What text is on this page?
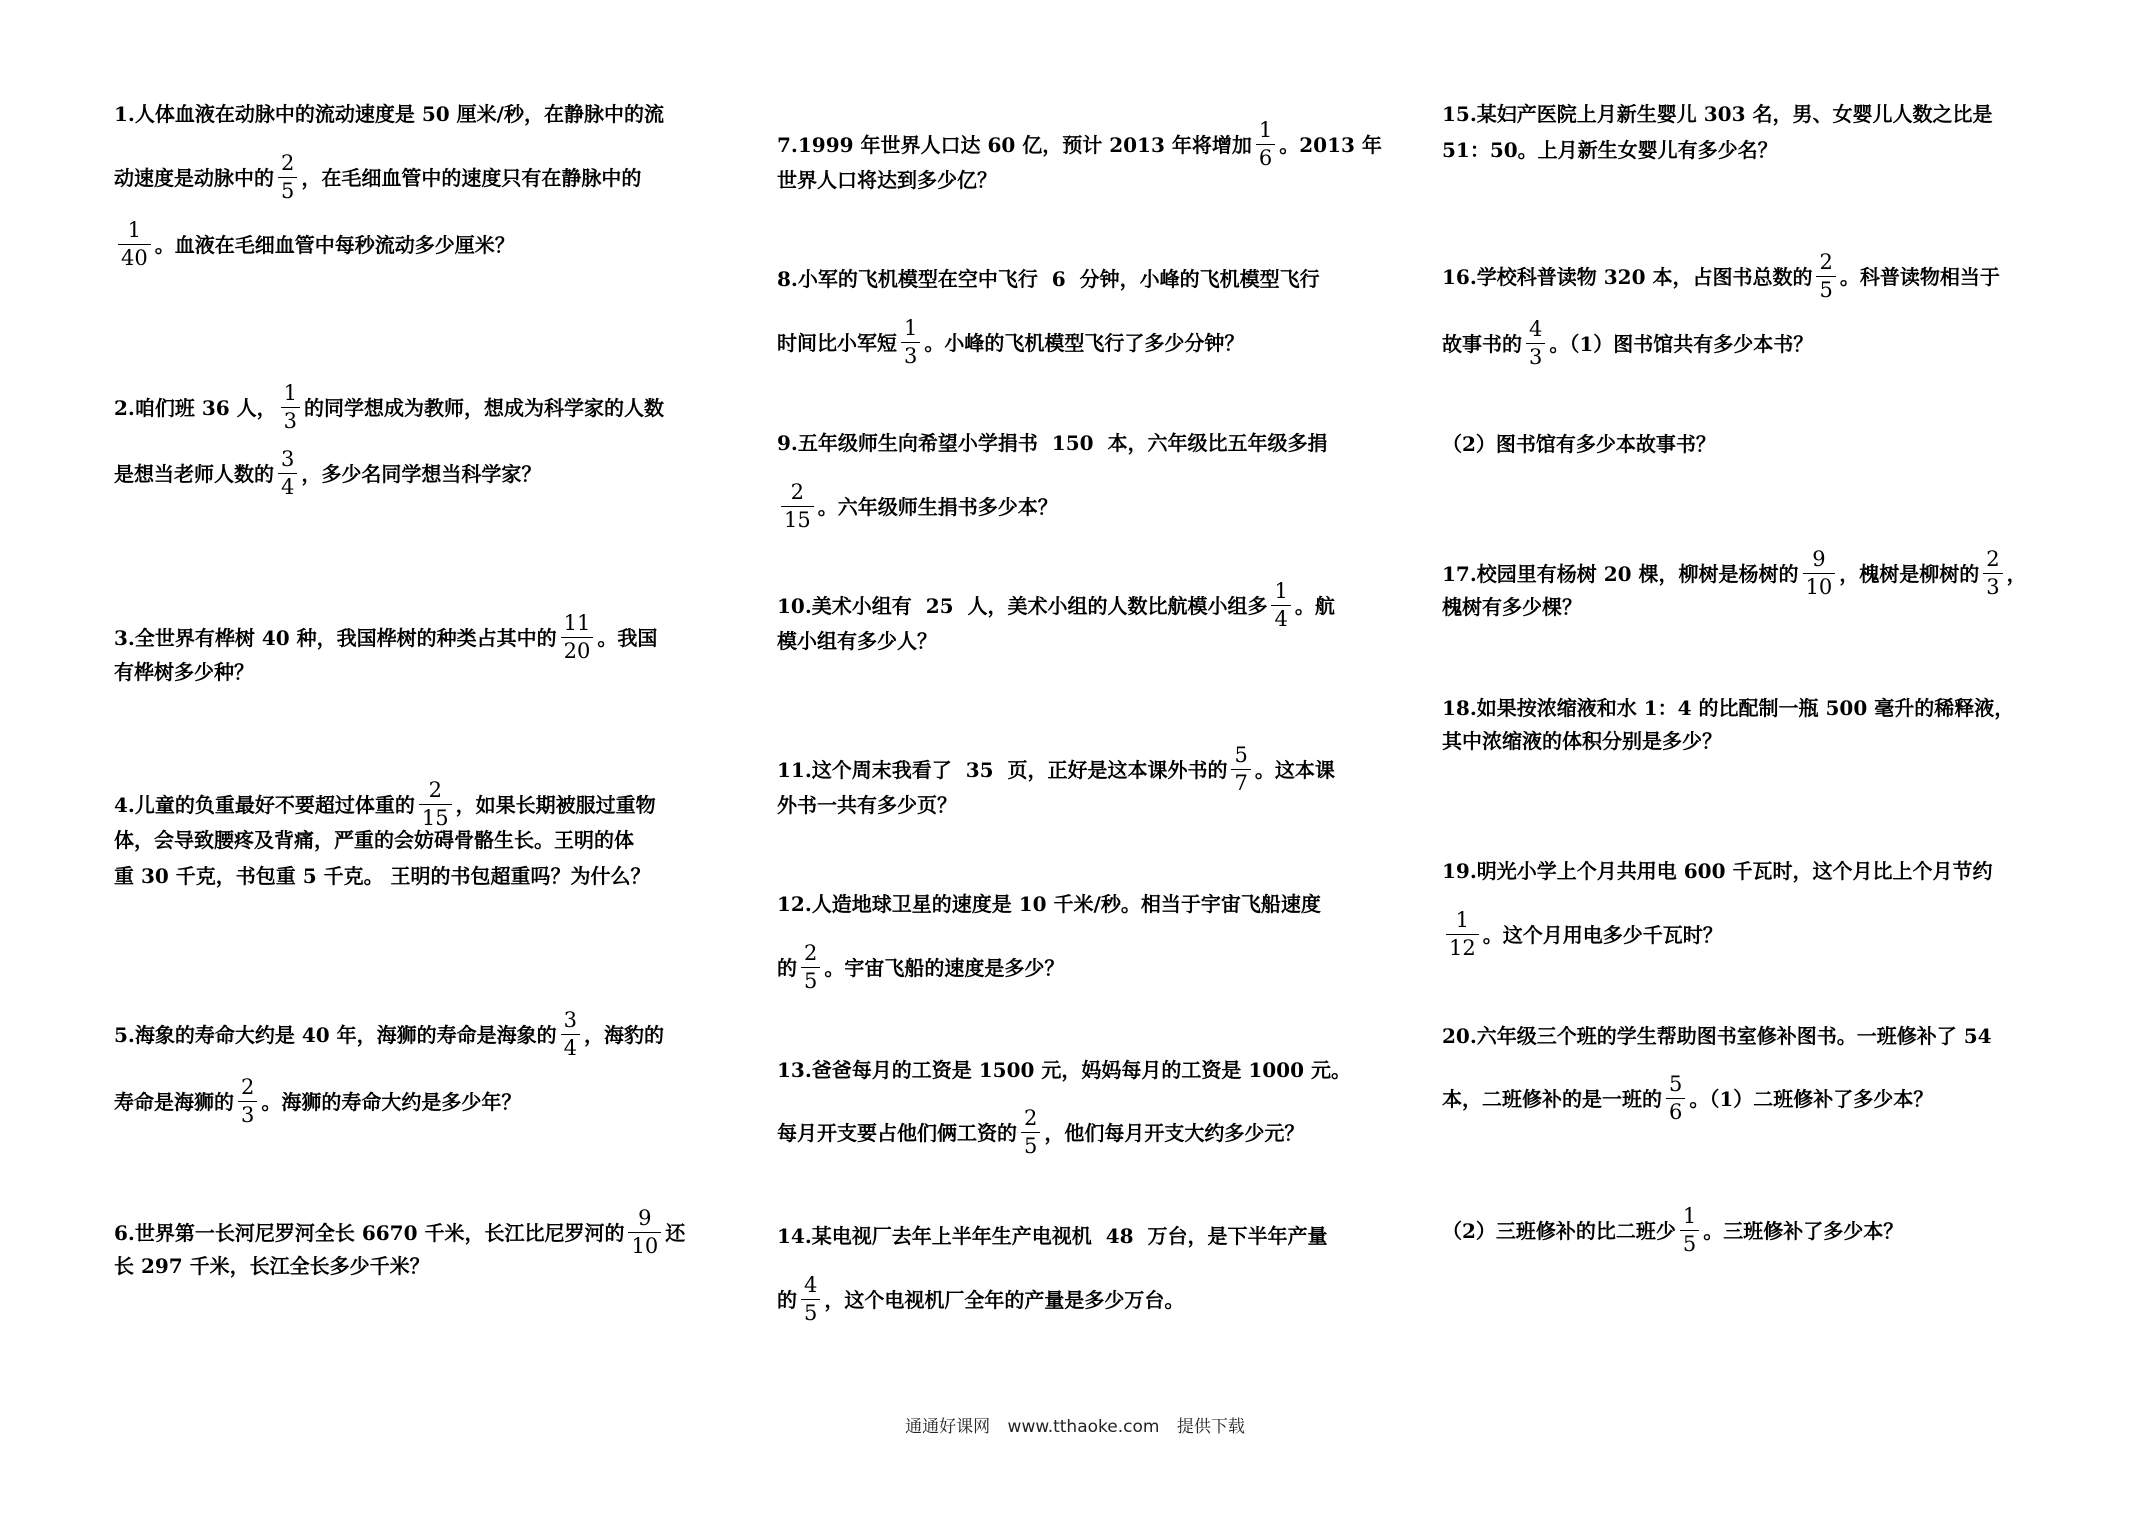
1.人体血液在动脉中的流动速度是 50 厘米/秒，在静脉中的流
动速度是动脉中的 $\frac{2}{5}$ ，在毛细血管中的速度只有在静脉中的
$\frac{1}{40}$ 。血液在毛细血管中每秒流动多少厘米？
2.咱们班 36 人， $\frac{1}{3}$ 的同学想成为教师，想成为科学家的人数
是想当老师人数的 $\frac{3}{4}$ ，多少名同学想当科学家？
3.全世界有桦树 40 种，我国桦树的种类占其中的 $\frac{11}{20}$ 。我国
有桦树多少种？
4.儿童的负重最好不要超过体重的 $\frac{2}{15}$ ，如果长期被服过重物
体，会导致腰疼及背痛，严重的会妨碍骨骼生长。王明的体
重 30 千克，书包重 5 千克。 王明的书包超重吗？为什么？
5.海象的寿命大约是 40 年，海狮的寿命是海象的 $\frac{3}{4}$ ，海豹的
寿命是海狮的 $\frac{2}{3}$ 。海狮的寿命大约是多少年？
6.世界第一长河尼罗河全长 6670 千米，长江比尼罗河的 $\frac{9}{10}$ 还
长 297 千米，长江全长多少千米？
7.1999 年世界人口达 60 亿，预计 2013 年将增加 $\frac{1}{6}$ 。2013 年
世界人口将达到多少亿？
8.小军的飞机模型在空中飞行  6  分钟，小峰的飞机模型飞行
时间比小军短 $\frac{1}{3}$ 。小峰的飞机模型飞行了多少分钟？
9.五年级师生向希望小学捐书  150  本，六年级比五年级多捐
$\frac{2}{15}$ 。六年级师生捐书多少本？
10.美术小组有  25  人，美术小组的人数比航模小组多 $\frac{1}{4}$ 。航
模小组有多少人？
11.这个周末我看了  35  页，正好是这本课外书的 $\frac{5}{7}$ 。这本课
外书一共有多少页？
12.人造地球卫星的速度是 10 千米/秒。相当于宇宙飞船速度
的 $\frac{2}{5}$ 。宇宙飞船的速度是多少？
13.爸爸每月的工资是 1500 元，妈妈每月的工资是 1000 元。
每月开支要占他们俩工资的 $\frac{2}{5}$ ，他们每月开支大约多少元？
14.某电视厂去年上半年生产电视机  48  万台，是下半年产量
的 $\frac{4}{5}$ ，这个电视机厂全年的产量是多少万台。
15.某妇产医院上月新生婴儿 303 名，男、女婴儿人数之比是
51：50。上月新生女婴儿有多少名？
16.学校科普读物 320 本，占图书总数的 $\frac{2}{5}$ 。科普读物相当于
故事书的 $\frac{4}{3}$ 。（1）图书馆共有多少本书？
（2）图书馆有多少本故事书？
17.校园里有杨树 20 棵，柳树是杨树的 $\frac{9}{10}$ ，槐树是柳树的 $\frac{2}{3}$ ，
槐树有多少棵？
18.如果按浓缩液和水 1：4 的比配制一瓶 500 毫升的稀释液，
其中浓缩液的体积分别是多少？
19.明光小学上个月共用电 600 千瓦时，这个月比上个月节约
$\frac{1}{12}$ 。这个月用电多少千瓦时？
20.六年级三个班的学生帮助图书室修补图书。一班修补了 54
本，二班修补的是一班的 $\frac{5}{6}$ 。（1）二班修补了多少本？
（2）三班修补的比二班少 $\frac{1}{5}$ 。三班修补了多少本？
通通好课网 www.tthaoke.com 提供下载
